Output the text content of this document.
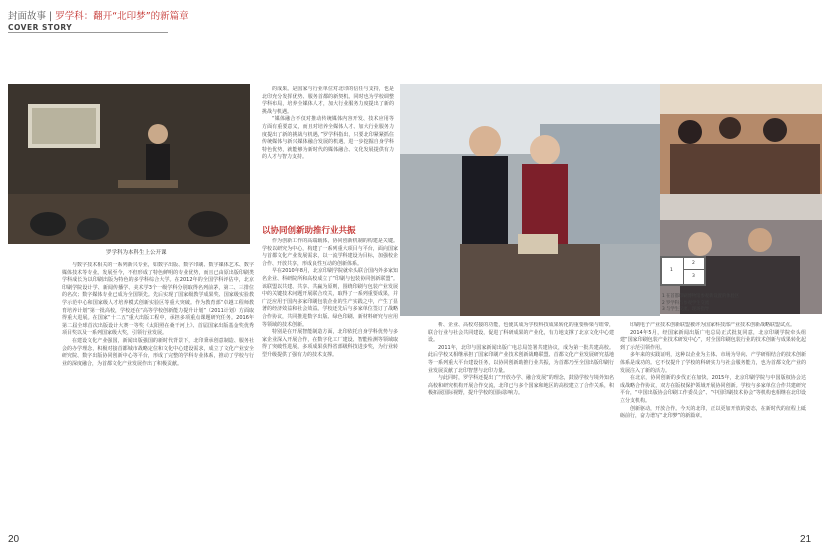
封面故事 | 罗学科：翻开“北印梦”的新篇章
COVER STORY
罗学科为本科生上公开课

与数字技术相关的一系列新兴专业，如数字出版、数字印刷、数字媒体艺术、数字媒体技术等专业。发展至今，不但形成了特色鲜明的专业优势，而且已由原出版印刷类学科成长为以印刷出版为特色的多学科综合大学。在2012年的全国学科评估中，北京印刷学院设计学、新闻传播学、美术学3个一级学科分别取得名列前茅，第二、三排位的名次；数字媒体专业已成为全国领先。先后实现了国家级教学成果奖、国家级实验教学示范中心和国家级人才培养模式创新实验区等重大突破。作为教育部“卓越工程师教育培养计划”第一批高校，学校还在“高等学校创新能力提升计划”（2011计划）方面取得重大进展。在国家“十二五”重大出版工程中，承担多项重点课题研究任务。2016年第二届全球首次出版设计大赛一等奖《太阳照在桑干河上》、首届国家出版基金奖优秀项目奖以及一系列国家级大奖，引领行业发展。

在建设文化产业强国，新闻出版强国的新时代背景下，北印秉承创意制造、服务社会的办学理念，积极对接首都城市战略定位和文化中心建设需求，成立了文化产业安全研究院、数字出版协同创新中心等平台，形成了完整的学科专业体系，推动了学校与行业的深度融合，为首都文化产业发展作出了积极贡献。

的成果。是国家与行业单位对北印的信任与支持，也是北印充分发挥优势、服务首都的新契机。同时也为学校调整学科布局，培养全媒体人才，加大行业服务力度提出了新的挑战与机遇。

“媒体融合不仅对推动传统媒体内容开发、技术应用等方面有重要意义，而且对培养全媒体人才、加大行业服务力度提出了新的挑战与机遇，”罗学科指出，只要北印紧紧抓住传统媒体与新兴媒体融合发展的机遇，进一步挖掘自身学科特色优势，就能够为新时代的媒体融合、文化发展提供有力的人才与智力支持。

以协同创新助推行业共振

作为创新工作的高端载体，协同创新机制的构建是关键。学校以研究为中心，构建了一系列重大项目与平台，面向国家与首都文化产业发展需求，以一流学科建设为目标，加强校企合作、开放共享，形成良性互动的创新体系。

早在2010年8月，北京印刷学院就牵头联合国内外多家知名企业、科研院所和高校成立了“印刷与包装协同创新联盟”。该联盟以共建、共享、共赢为原则，围绕印刷与包装产业发展中的关键技术问题开展联合攻关，取得了一系列重要成果，并广泛应用于国内多家印刷包装企业的生产实践之中，产生了显著的经济效益和社会效益。学校还先后与多家单位签订了战略合作协议，共同推进数字出版、绿色印刷、新材料研究与应用等领域的技术创新。

特别是在开展智能制造方面，北印依托自身学科优势与多家企业深入开展合作，在数字化工厂建设、智能检测等领域取得了突破性进展，多项成果获得省部级科技进步奖，为行业转型升级提供了强有力的技术支撑。

1
2
3
1 在首都印刷博物馆参观新设置的体验区
2 罗学科与参观学生交流
3 与学生交流，现场指导

析、企业、高校对接的功能，也使其成为学校科技成果转化的重要桥梁与纽带，联合行业与社会共同建设，促进了科研成果的产业化，有力地支撑了北京文化中心建设。

2011年，北印与国家新闻出版广电总局签署共建协议，成为第一批共建高校。此后学校又相继承担了国家印刷产业技术创新战略联盟、首都文化产业发展研究基地等一系列重大平台建设任务，以协同创新助推行业共振，为首都乃至全国出版印刷行业发展贡献了北印智慧与北印力量。

与此同时，罗学科还提出了“开放办学、融合发展”的理念，鼓励学校与境外知名高校和研究机构开展合作交流，北印已与多个国家和地区的高校建立了合作关系，积极拓展国际视野，提升学校的国际影响力。

印刷电子产业技术创新联盟被评为国家科技部产业技术创新战略联盟试点。

2014年5月，经国家新闻出版广电总局正式批复同意，北京印刷学院牵头组建“国家印刷包装产业技术研发中心”，对全国印刷包装行业的技术创新与成果转化起到了示范引领作用。

多年来的实践证明，这种以企业为主体、市场为导向、产学研相结合的技术创新体系是成功的。它不仅提升了学校的科研实力与社会服务能力，也为首都文化产业的发展注入了新的活力。

在北京，协同创新的步伐正在加快。2015年，北京印刷学院与中国版权协会达成战略合作协议，双方在版权保护领域开展协同创新。学校与多家单位合作共建研究平台，“中国出版协会印刷工作委员会”、“中国印刷技术协会”等机构也相继在北印设立分支机构。

创新驱动，开放合作。今天的北印，正以更加开放的姿态，在新时代的征程上砥砺前行，奋力谱写“北印梦”的新篇章。

20	21
